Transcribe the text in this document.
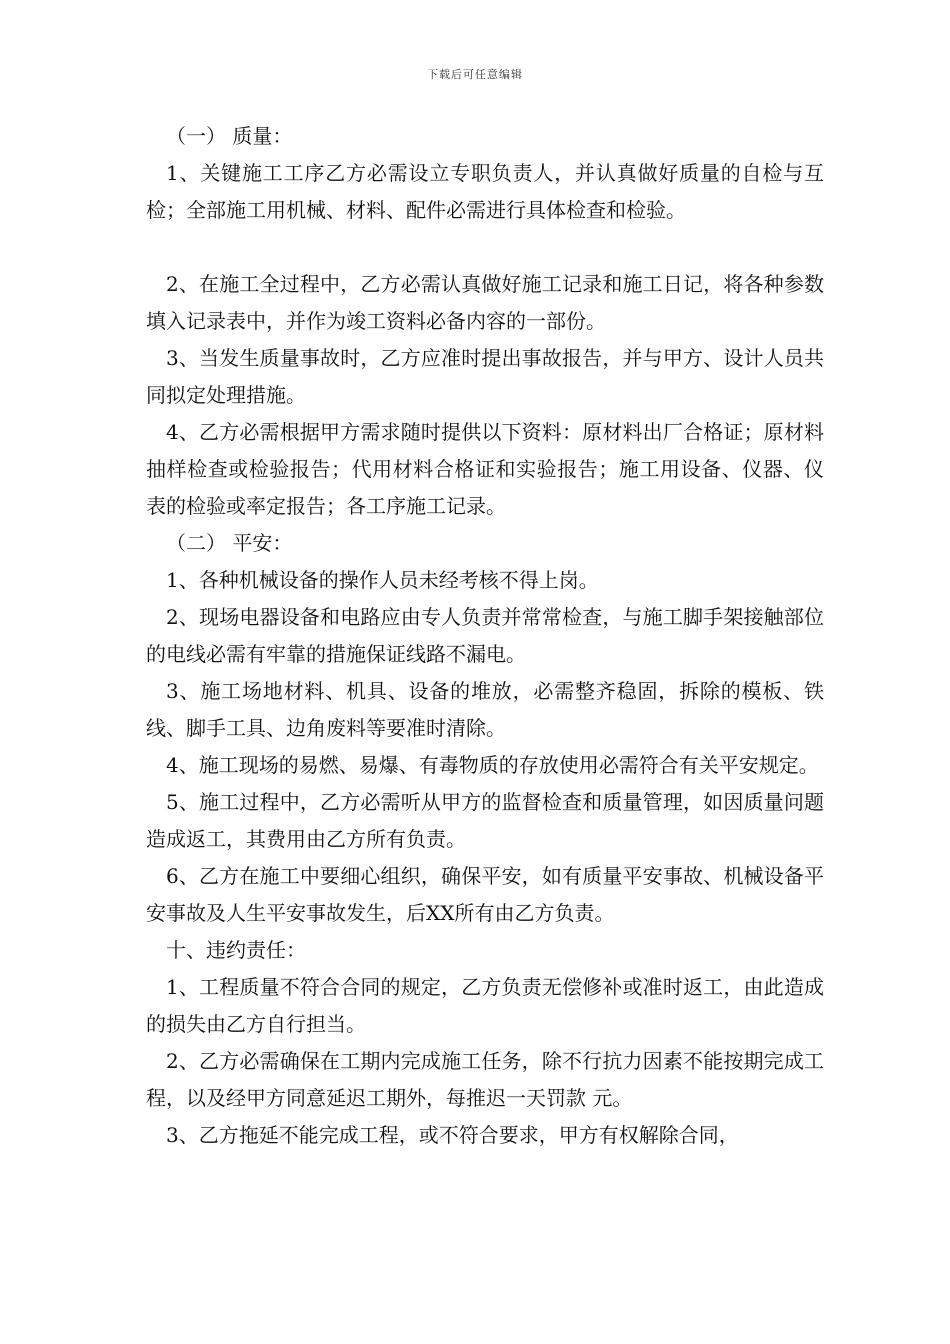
下载后可任意编辑

（一） 质量：

1、关键施工工序乙方必需设立专职负责人，并认真做好质量的自检与互检；全部施工用机械、材料、配件必需进行具体检查和检验。

2、在施工全过程中，乙方必需认真做好施工记录和施工日记，将各种参数填入记录表中，并作为竣工资料必备内容的一部份。

3、当发生质量事故时，乙方应准时提出事故报告，并与甲方、设计人员共同拟定处理措施。

4、乙方必需根据甲方需求随时提供以下资料：原材料出厂合格证；原材料抽样检查或检验报告；代用材料合格证和实验报告；施工用设备、仪器、仪表的检验或率定报告；各工序施工记录。

（二） 平安：

1、各种机械设备的操作人员未经考核不得上岗。

2、现场电器设备和电路应由专人负责并常常检查，与施工脚手架接触部位的电线必需有牢靠的措施保证线路不漏电。

3、施工场地材料、机具、设备的堆放，必需整齐稳固，拆除的模板、铁线、脚手工具、边角废料等要准时清除。

4、施工现场的易燃、易爆、有毒物质的存放使用必需符合有关平安规定。

5、施工过程中，乙方必需听从甲方的监督检查和质量管理，如因质量问题造成返工，其费用由乙方所有负责。

6、乙方在施工中要细心组织，确保平安，如有质量平安事故、机械设备平安事故及人生平安事故发生，后XX所有由乙方负责。

十、违约责任：

1、工程质量不符合合同的规定，乙方负责无偿修补或准时返工，由此造成的损失由乙方自行担当。

2、乙方必需确保在工期内完成施工任务，除不行抗力因素不能按期完成工程，以及经甲方同意延迟工期外，每推迟一天罚款 元。

3、乙方拖延不能完成工程，或不符合要求，甲方有权解除合同，
